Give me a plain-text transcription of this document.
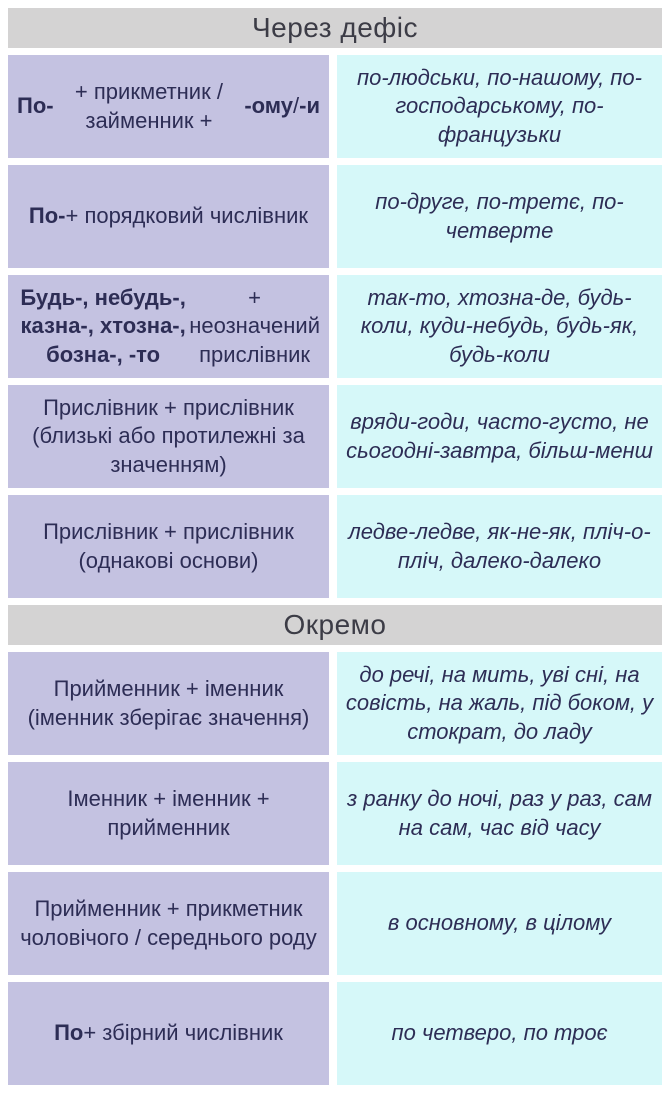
Через дефіс
По-
+ прикметник / займенник +
-ому / -и
по-людськи, по-нашому, по-господарському, по-французьки
По- + порядковий числівник
по-друге, по-третє, по-четверте
Будь-, небудь-, казна-, хтозна-, бозна-, -то
+ неозначений прислівник
так-то, хтозна-де, будь-коли, куди-небудь, будь-як, будь-коли
Прислівник + прислівник (близькі або протилежні за значенням)
вряди-годи, часто-густо, не сьогодні-завтра, більш-менш
Прислівник + прислівник (однакові основи)
ледве-ледве, як-не-як, пліч-о-пліч, далеко-далеко
Окремо
Прийменник + іменник (іменник зберігає значення)
до речі, на мить, уві сні, на совість, на жаль, під боком, у стократ, до ладу
Іменник + іменник + прийменник
з ранку до ночі, раз у раз, сам на сам, час від часу
Прийменник + прикметник чоловічого / середнього роду
в основному, в цілому
По + збірний числівник	по четверо, по троє
